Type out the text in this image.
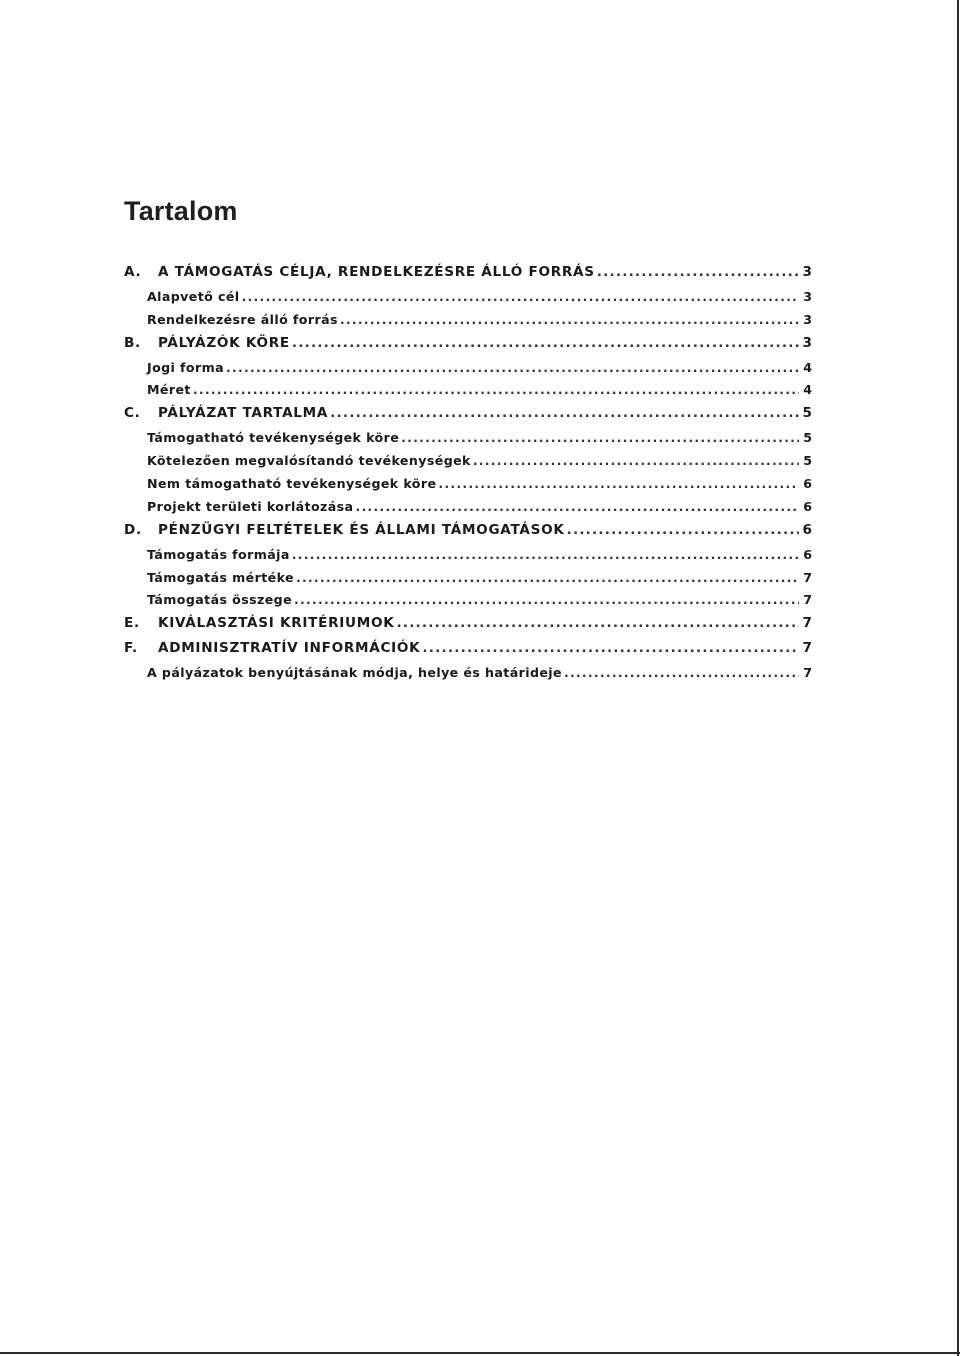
Tartalom
A.	A TÁMOGATÁS CÉLJA, RENDELKEZÉSRE ÁLLÓ FORRÁS .....	3
Alapvető cél .....	3
Rendelkezésre álló forrás .....	3
B.	PÁLYÁZÓK KÖRE .....	3
Jogi forma .....	4
Méret .....	4
C.	PÁLYÁZAT TARTALMA .....	5
Támogatható tevékenységek köre .....	5
Kötelezően megvalósítandó tevékenységek .....	5
Nem támogatható tevékenységek köre .....	6
Projekt területi korlátozása .....	6
D.	PÉNZÜGYI FELTÉTELEK ÉS ÁLLAMI TÁMOGATÁSOK .....	6
Támogatás formája .....	6
Támogatás mértéke .....	7
Támogatás összege .....	7
E.	KIVÁLASZTÁSI KRITÉRIUMOK .....	7
F.	ADMINISZTRATÍV INFORMÁCIÓK .....	7
A pályázatok benyújtásának módja, helye és határideje .....	7
